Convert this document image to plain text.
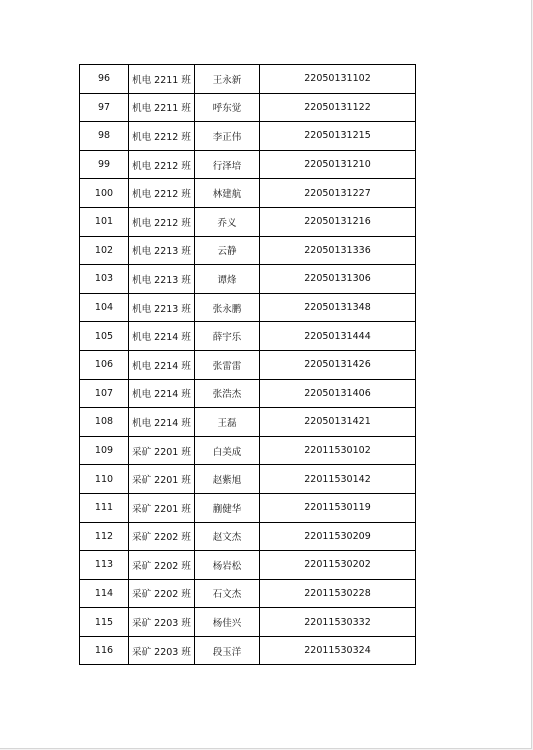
96	机电 2211 班	王永新	22050131102
97	机电 2211 班	呼东觉	22050131122
98	机电 2212 班	李正伟	22050131215
99	机电 2212 班	行泽培	22050131210
100	机电 2212 班	林建航	22050131227
101	机电 2212 班	乔义	22050131216
102	机电 2213 班	云静	22050131336
103	机电 2213 班	谭烽	22050131306
104	机电 2213 班	张永鹏	22050131348
105	机电 2214 班	薛宇乐	22050131444
106	机电 2214 班	张雷雷	22050131426
107	机电 2214 班	张浩杰	22050131406
108	机电 2214 班	王磊	22050131421
109	采矿 2201 班	白美成	22011530102
110	采矿 2201 班	赵紫旭	22011530142
111	采矿 2201 班	蒯健华	22011530119
112	采矿 2202 班	赵文杰	22011530209
113	采矿 2202 班	杨岩松	22011530202
114	采矿 2202 班	石文杰	22011530228
115	采矿 2203 班	杨佳兴	22011530332
116	采矿 2203 班	段玉洋	22011530324
